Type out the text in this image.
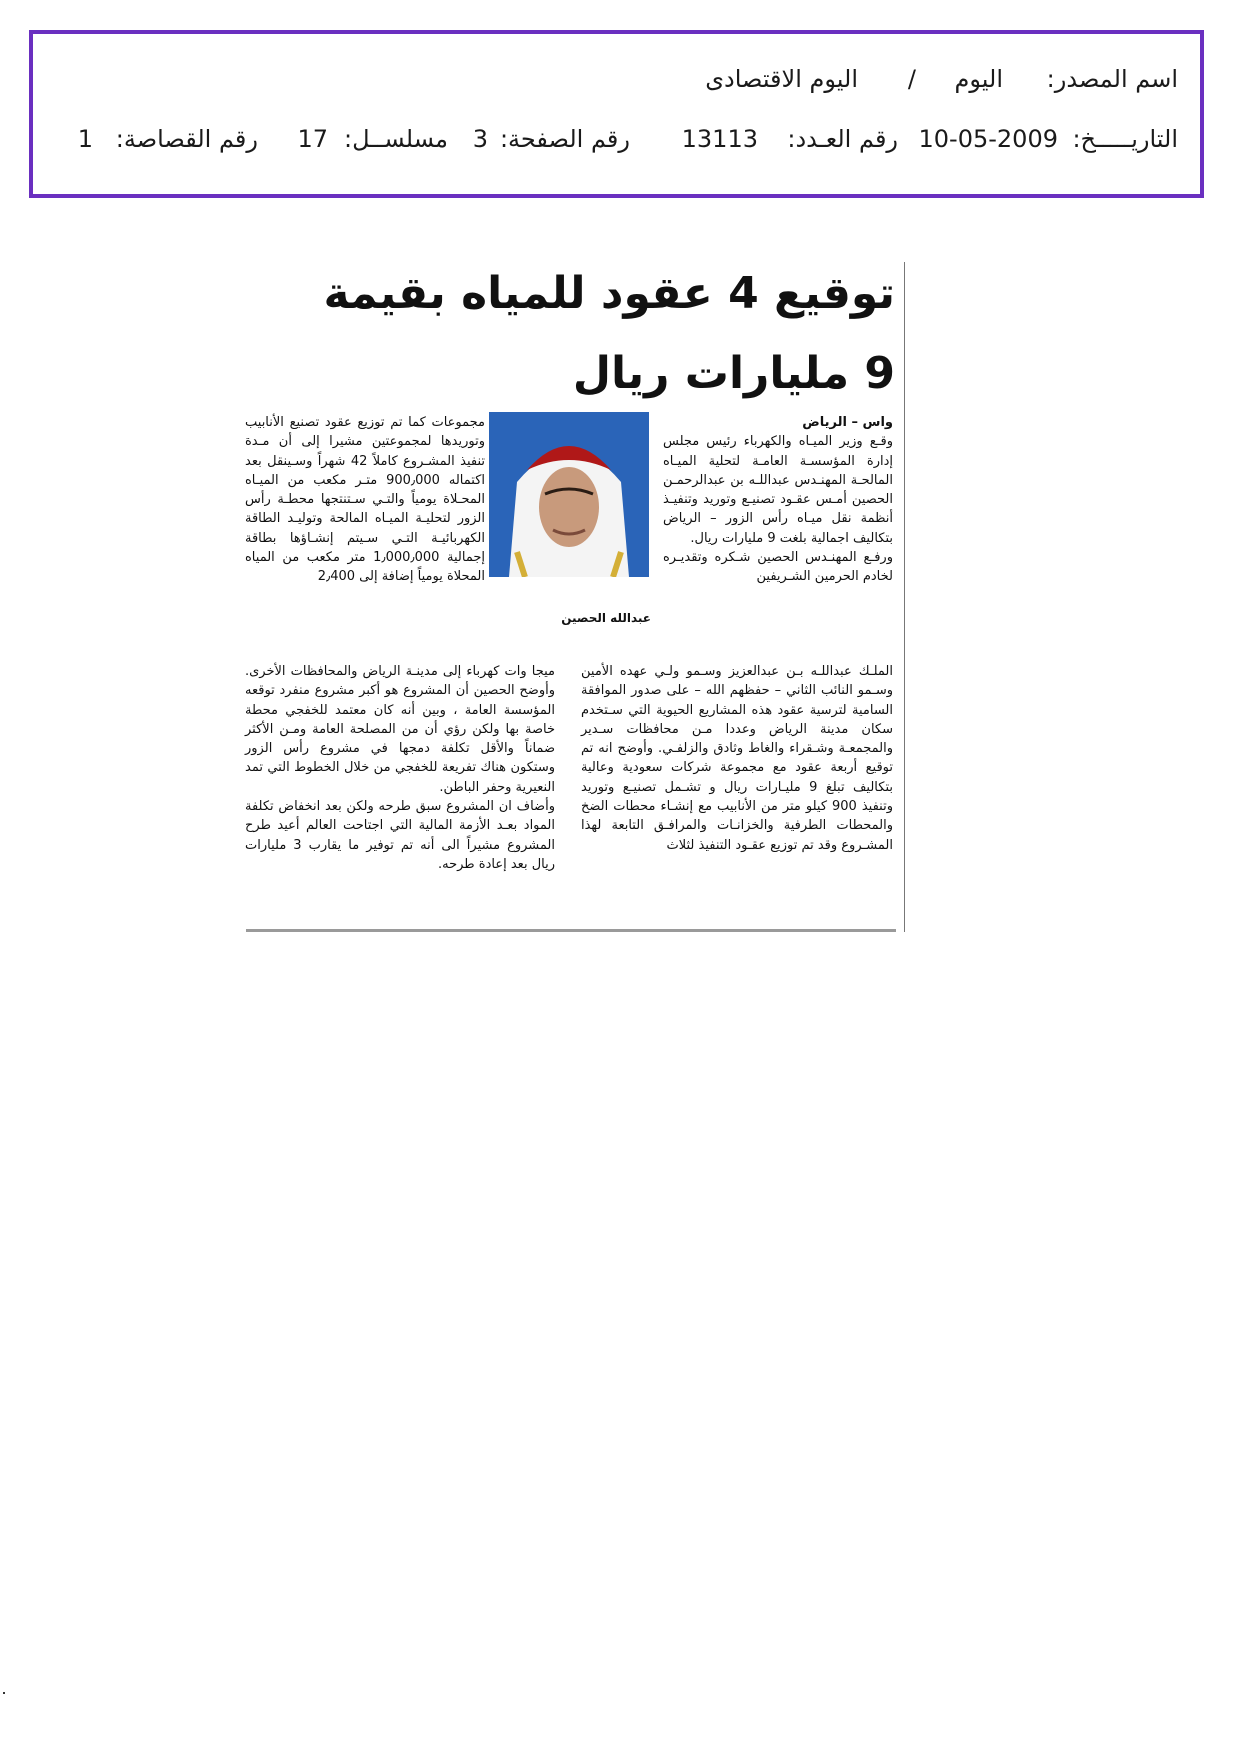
اسم المصدر:
اليوم
/
اليوم الاقتصادى
التاريـــــخ:
10-05-2009
رقم العـدد:
13113
رقم الصفحة:
3
مسلســل:
17
رقم القصاصة:
1
توقيع 4 عقود للمياه بقيمة
9 مليارات ريال

واس – الرياض

وقـع وزير الميـاه والكهرباء رئيس مجلس إدارة المؤسسـة العامـة لتحلية الميـاه المالحـة المهنـدس عبداللـه بن عبدالرحمـن الحصين أمـس عقـود تصنيـع وتوريد وتنفيـذ أنظمة نقل ميـاه رأس الزور – الرياض بتكاليف اجمالية بلغت 9 مليارات ريال.

ورفـع المهنـدس الحصين شـكره وتقديـره لخادم الحرمين الشـريفين

الملـك عبداللـه بـن عبدالعزيز وسـمو ولـي عهده الأمين وسـمو النائب الثاني – حفظهم الله – على صدور الموافقة السامية لترسية عقود هذه المشاريع الحيوية التي سـتخدم سكان مدينة الرياض وعددا مـن محافظات سـدير والمجمعـة وشـقراء والغاط وثادق والزلفـي. وأوضح انه تم توقيع أربعة عقود مع مجموعة شركات سعودية وعالية بتكاليف تبلغ 9 مليـارات ريال و تشـمل تصنيـع وتوريد وتنفيذ 900 كيلو متر من الأنابيب مع إنشـاء محطات الضخ والمحطات الطرفية والخزانـات والمرافـق التابعة لهذا المشـروع وقد تم توزيع عقـود التنفيذ لثلاث

عبدالله الحصين

مجموعات كما تم توزيع عقود تصنيع الأنابيب وتوريدها لمجموعتين مشيرا إلى أن مـدة تنفيذ المشـروع كاملاً 42 شهراً وسـينقل بعد اكتماله 900٫000 متـر مكعب من الميـاه المحـلاة يومياً والتـي سـتنتجها محطـة رأس الزور لتحليـة الميـاه المالحة وتوليـد الطاقة الكهربائيـة التـي سـيتم إنشـاؤها بطاقة إجمالية 1٫000٫000 متر مكعب من المياه المحلاة يومياً إضافة إلى 2٫400

ميجا وات كهرباء إلى مدينـة الرياض والمحافظات الأخرى. وأوضح الحصين أن المشروع هو أكبر مشروع منفرد توقعه المؤسسة العامة ، وبين أنه كان معتمد للخفجي محطة خاصة بها ولكن رؤي أن من المصلحة العامة ومـن الأكثر ضماناً والأقل تكلفة دمجها في مشروع رأس الزور وستكون هناك تفريعة للخفجي من خلال الخطوط التي تمد النعيرية وحفر الباطن.

وأضاف ان المشروع سبق طرحه ولكن بعد انخفاض تكلفة المواد بعـد الأزمة المالية التي اجتاحت العالم أعيد طرح المشروع مشيراً الى أنه تم توفير ما يقارب 3 مليارات ريال بعد إعادة طرحه.
